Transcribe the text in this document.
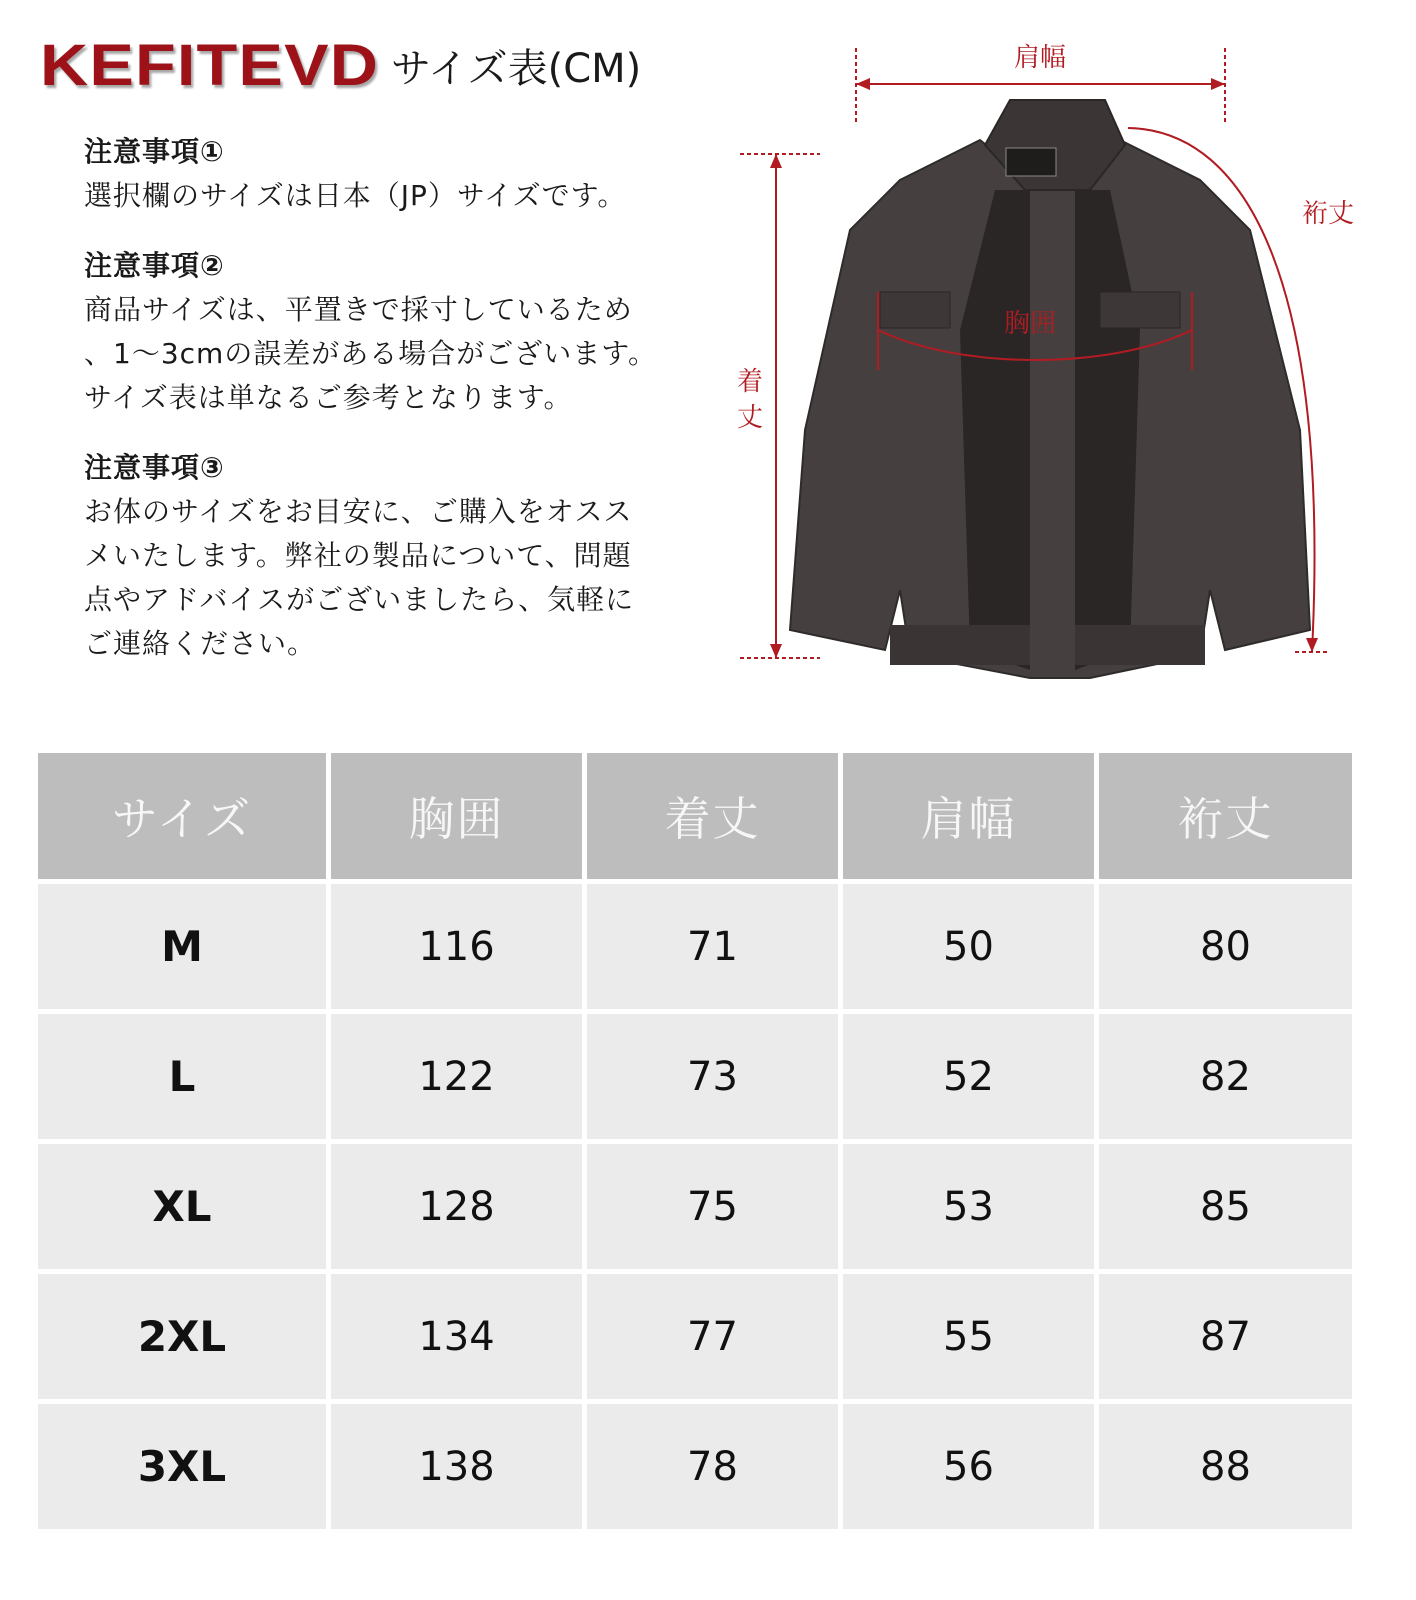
KEFITEVD サイズ表(CM)
注意事項①

選択欄のサイズは日本（JP）サイズです。

注意事項②

商品サイズは、平置きで採寸しているため
、1～3cmの誤差がある場合がございます。
サイズ表は単なるご参考となります。

注意事項③

お体のサイズをお目安に、ご購入をオスス
メいたします。弊社の製品について、問題
点やアドバイスがございましたら、気軽に
ご連絡ください。

肩幅
裄丈
胸囲
着
丈
サイズ	胸囲	着丈	肩幅	裄丈
M	116	71	50	80
L	122	73	52	82
XL	128	75	53	85
2XL	134	77	55	87
3XL	138	78	56	88
